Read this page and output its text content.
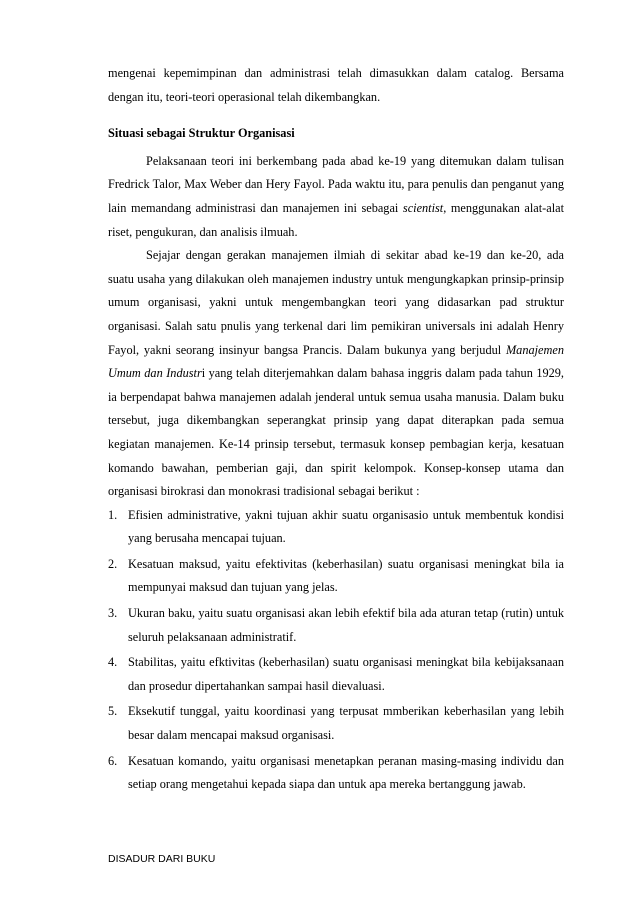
mengenai kepemimpinan dan administrasi telah dimasukkan dalam catalog. Bersama dengan itu, teori-teori operasional telah dikembangkan.

Situasi sebagai Struktur Organisasi

Pelaksanaan teori ini berkembang pada abad ke-19 yang ditemukan dalam tulisan Fredrick Talor, Max Weber dan Hery Fayol. Pada waktu itu, para penulis dan penganut yang lain memandang administrasi dan manajemen ini sebagai scientist, menggunakan alat-alat riset, pengukuran, dan analisis ilmuah.

Sejajar dengan gerakan manajemen ilmiah di sekitar abad ke-19 dan ke-20, ada suatu usaha yang dilakukan oleh manajemen industry untuk mengungkapkan prinsip-prinsip umum organisasi, yakni untuk mengembangkan teori yang didasarkan pad struktur organisasi. Salah satu pnulis yang terkenal dari lim pemikiran universals ini adalah Henry Fayol, yakni seorang insinyur bangsa Prancis. Dalam bukunya yang berjudul Manajemen Umum dan Industri yang telah diterjemahkan dalam bahasa inggris dalam pada tahun 1929, ia berpendapat bahwa manajemen adalah jenderal untuk semua usaha manusia. Dalam buku tersebut, juga dikembangkan seperangkat prinsip yang dapat diterapkan pada semua kegiatan manajemen. Ke-14 prinsip tersebut, termasuk konsep pembagian kerja, kesatuan komando bawahan, pemberian gaji, dan spirit kelompok. Konsep-konsep utama dan organisasi birokrasi dan monokrasi tradisional sebagai berikut :

1. Efisien administrative, yakni tujuan akhir suatu organisasio untuk membentuk kondisi yang berusaha mencapai tujuan.
2. Kesatuan maksud, yaitu efektivitas (keberhasilan) suatu organisasi meningkat bila ia mempunyai maksud dan tujuan yang jelas.
3. Ukuran baku, yaitu suatu organisasi akan lebih efektif bila ada aturan tetap (rutin) untuk seluruh pelaksanaan administratif.
4. Stabilitas, yaitu efktivitas (keberhasilan) suatu organisasi meningkat bila kebijaksanaan dan prosedur dipertahankan sampai hasil dievaluasi.
5. Eksekutif tunggal, yaitu koordinasi yang terpusat mmberikan keberhasilan yang lebih besar dalam mencapai maksud organisasi.
6. Kesatuan komando, yaitu organisasi menetapkan peranan masing-masing individu dan setiap orang mengetahui kepada siapa dan untuk apa mereka bertanggung jawab.
DISADUR DARI BUKU
